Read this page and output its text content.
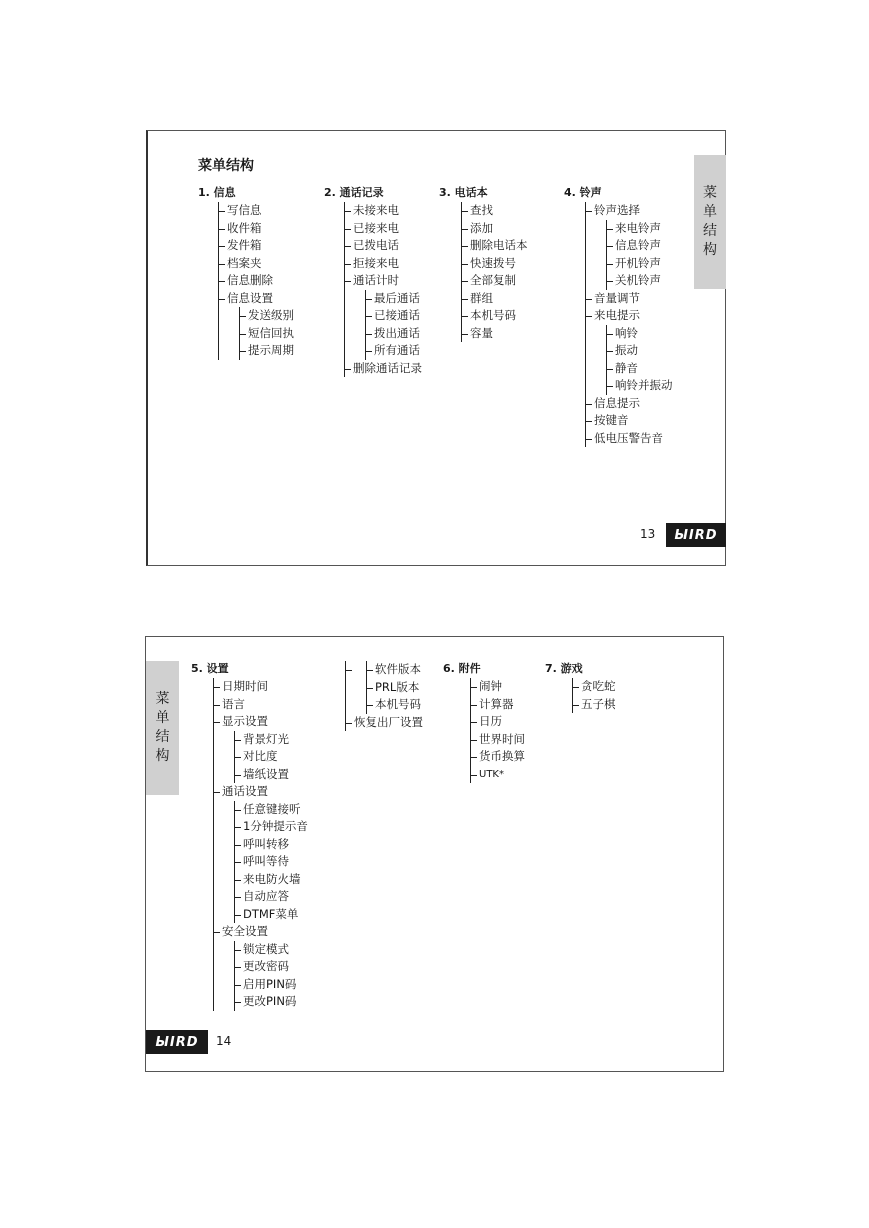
菜单结构
菜
单
结
构
1. 信息
写信息
收件箱
发件箱
档案夹
信息删除
信息设置
发送级别
短信回执
提示周期
2. 通话记录
未接来电
已接来电
已拨电话
拒接来电
通话计时
最后通话
已接通话
拨出通话
所有通话
删除通话记录
3. 电话本
查找
添加
删除电话本
快速拨号
全部复制
群组
本机号码
容量
4. 铃声
铃声选择
来电铃声
信息铃声
开机铃声
关机铃声
音量调节
来电提示
响铃
振动
静音
响铃并振动
信息提示
按键音
低电压警告音
13	ЫIRD
菜
单
结
构
5. 设置
日期时间
语言
显示设置
背景灯光
对比度
墙纸设置
通话设置
任意键接听
1分钟提示音
呼叫转移
呼叫等待
来电防火墙
自动应答
DTMF菜单
安全设置
锁定模式
更改密码
启用PIN码
更改PIN码
软件版本
PRL版本
本机号码
恢复出厂设置
6. 附件
闹钟
计算器
日历
世界时间
货币换算
UTK*
7. 游戏
贪吃蛇
五子棋
ЫIRD	14
